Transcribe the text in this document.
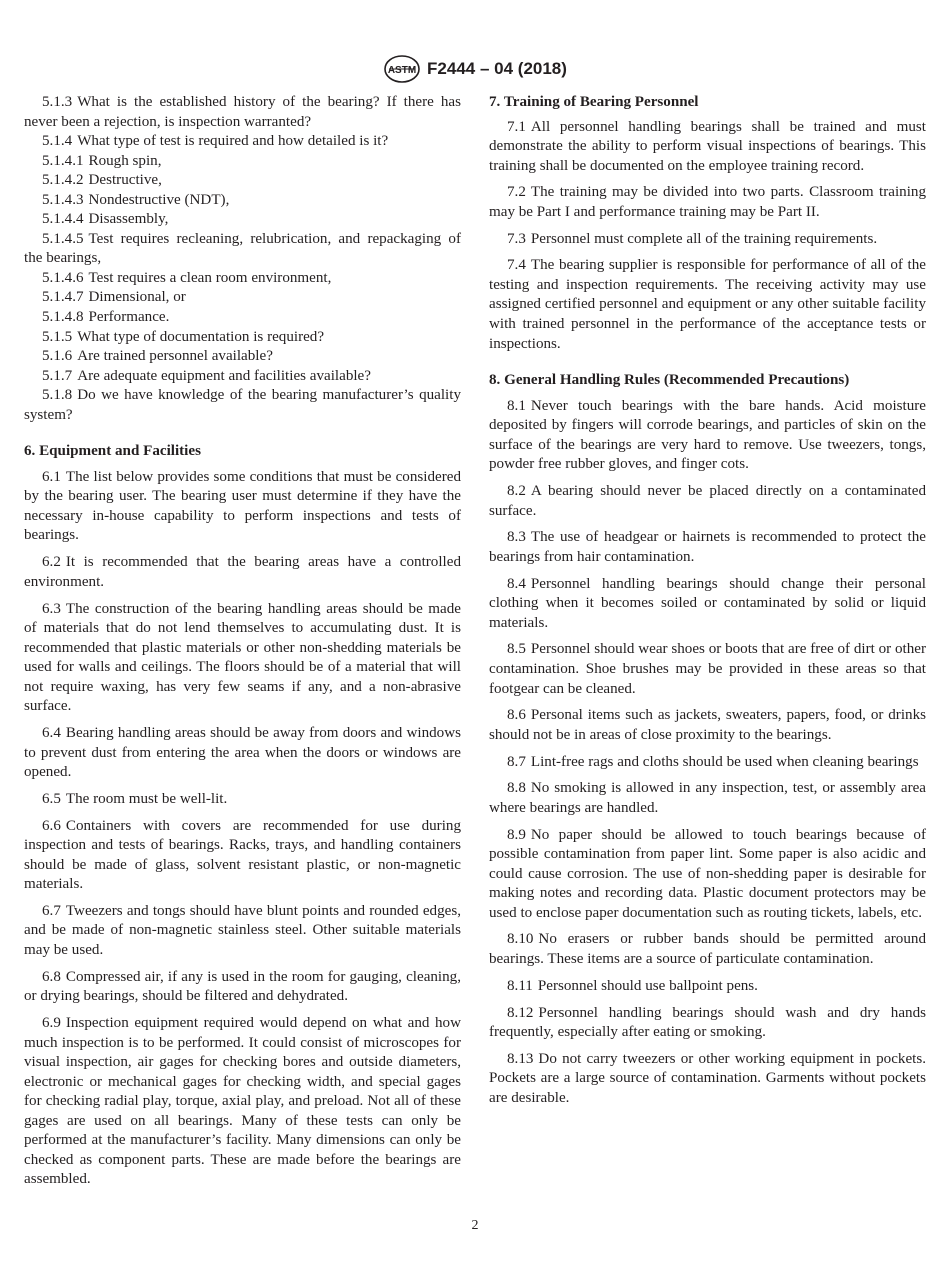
ASTM F2444 – 04 (2018)

5.1.3 What is the established history of the bearing? If there has never been a rejection, is inspection warranted?

5.1.4 What type of test is required and how detailed is it?

5.1.4.1 Rough spin,

5.1.4.2 Destructive,

5.1.4.3 Nondestructive (NDT),

5.1.4.4 Disassembly,

5.1.4.5 Test requires recleaning, relubrication, and repackaging of the bearings,

5.1.4.6 Test requires a clean room environment,

5.1.4.7 Dimensional, or

5.1.4.8 Performance.

5.1.5 What type of documentation is required?

5.1.6 Are trained personnel available?

5.1.7 Are adequate equipment and facilities available?

5.1.8 Do we have knowledge of the bearing manufacturer’s quality system?

6. Equipment and Facilities

6.1 The list below provides some conditions that must be considered by the bearing user. The bearing user must determine if they have the necessary in-house capability to perform inspections and tests of bearings.

6.2 It is recommended that the bearing areas have a controlled environment.

6.3 The construction of the bearing handling areas should be made of materials that do not lend themselves to accumulating dust. It is recommended that plastic materials or other non-shedding materials be used for walls and ceilings. The floors should be of a material that will not require waxing, has very few seams if any, and a non-abrasive surface.

6.4 Bearing handling areas should be away from doors and windows to prevent dust from entering the area when the doors or windows are opened.

6.5 The room must be well-lit.

6.6 Containers with covers are recommended for use during inspection and tests of bearings. Racks, trays, and handling containers should be made of glass, solvent resistant plastic, or non-magnetic materials.

6.7 Tweezers and tongs should have blunt points and rounded edges, and be made of non-magnetic stainless steel. Other suitable materials may be used.

6.8 Compressed air, if any is used in the room for gauging, cleaning, or drying bearings, should be filtered and dehydrated.

6.9 Inspection equipment required would depend on what and how much inspection is to be performed. It could consist of microscopes for visual inspection, air gages for checking bores and outside diameters, electronic or mechanical gages for checking width, and special gages for checking radial play, torque, axial play, and preload. Not all of these gages are used on all bearings. Many of these tests can only be performed at the manufacturer’s facility. Many dimensions can only be checked as component parts. These are made before the bearings are assembled.

7. Training of Bearing Personnel

7.1 All personnel handling bearings shall be trained and must demonstrate the ability to perform visual inspections of bearings. This training shall be documented on the employee training record.

7.2 The training may be divided into two parts. Classroom training may be Part I and performance training may be Part II.

7.3 Personnel must complete all of the training requirements.

7.4 The bearing supplier is responsible for performance of all of the testing and inspection requirements. The receiving activity may use assigned certified personnel and equipment or any other suitable facility with trained personnel in the performance of the acceptance tests or inspections.

8. General Handling Rules (Recommended Precautions)

8.1 Never touch bearings with the bare hands. Acid moisture deposited by fingers will corrode bearings, and particles of skin on the surface of the bearings are very hard to remove. Use tweezers, tongs, powder free rubber gloves, and finger cots.

8.2 A bearing should never be placed directly on a contaminated surface.

8.3 The use of headgear or hairnets is recommended to protect the bearings from hair contamination.

8.4 Personnel handling bearings should change their personal clothing when it becomes soiled or contaminated by solid or liquid materials.

8.5 Personnel should wear shoes or boots that are free of dirt or other contamination. Shoe brushes may be provided in these areas so that footgear can be cleaned.

8.6 Personal items such as jackets, sweaters, papers, food, or drinks should not be in areas of close proximity to the bearings.

8.7 Lint-free rags and cloths should be used when cleaning bearings

8.8 No smoking is allowed in any inspection, test, or assembly area where bearings are handled.

8.9 No paper should be allowed to touch bearings because of possible contamination from paper lint. Some paper is also acidic and could cause corrosion. The use of non-shedding paper is desirable for making notes and recording data. Plastic document protectors may be used to enclose paper documentation such as routing tickets, labels, etc.

8.10 No erasers or rubber bands should be permitted around bearings. These items are a source of particulate contamination.

8.11 Personnel should use ballpoint pens.

8.12 Personnel handling bearings should wash and dry hands frequently, especially after eating or smoking.

8.13 Do not carry tweezers or other working equipment in pockets. Pockets are a large source of contamination. Garments without pockets are desirable.

2
